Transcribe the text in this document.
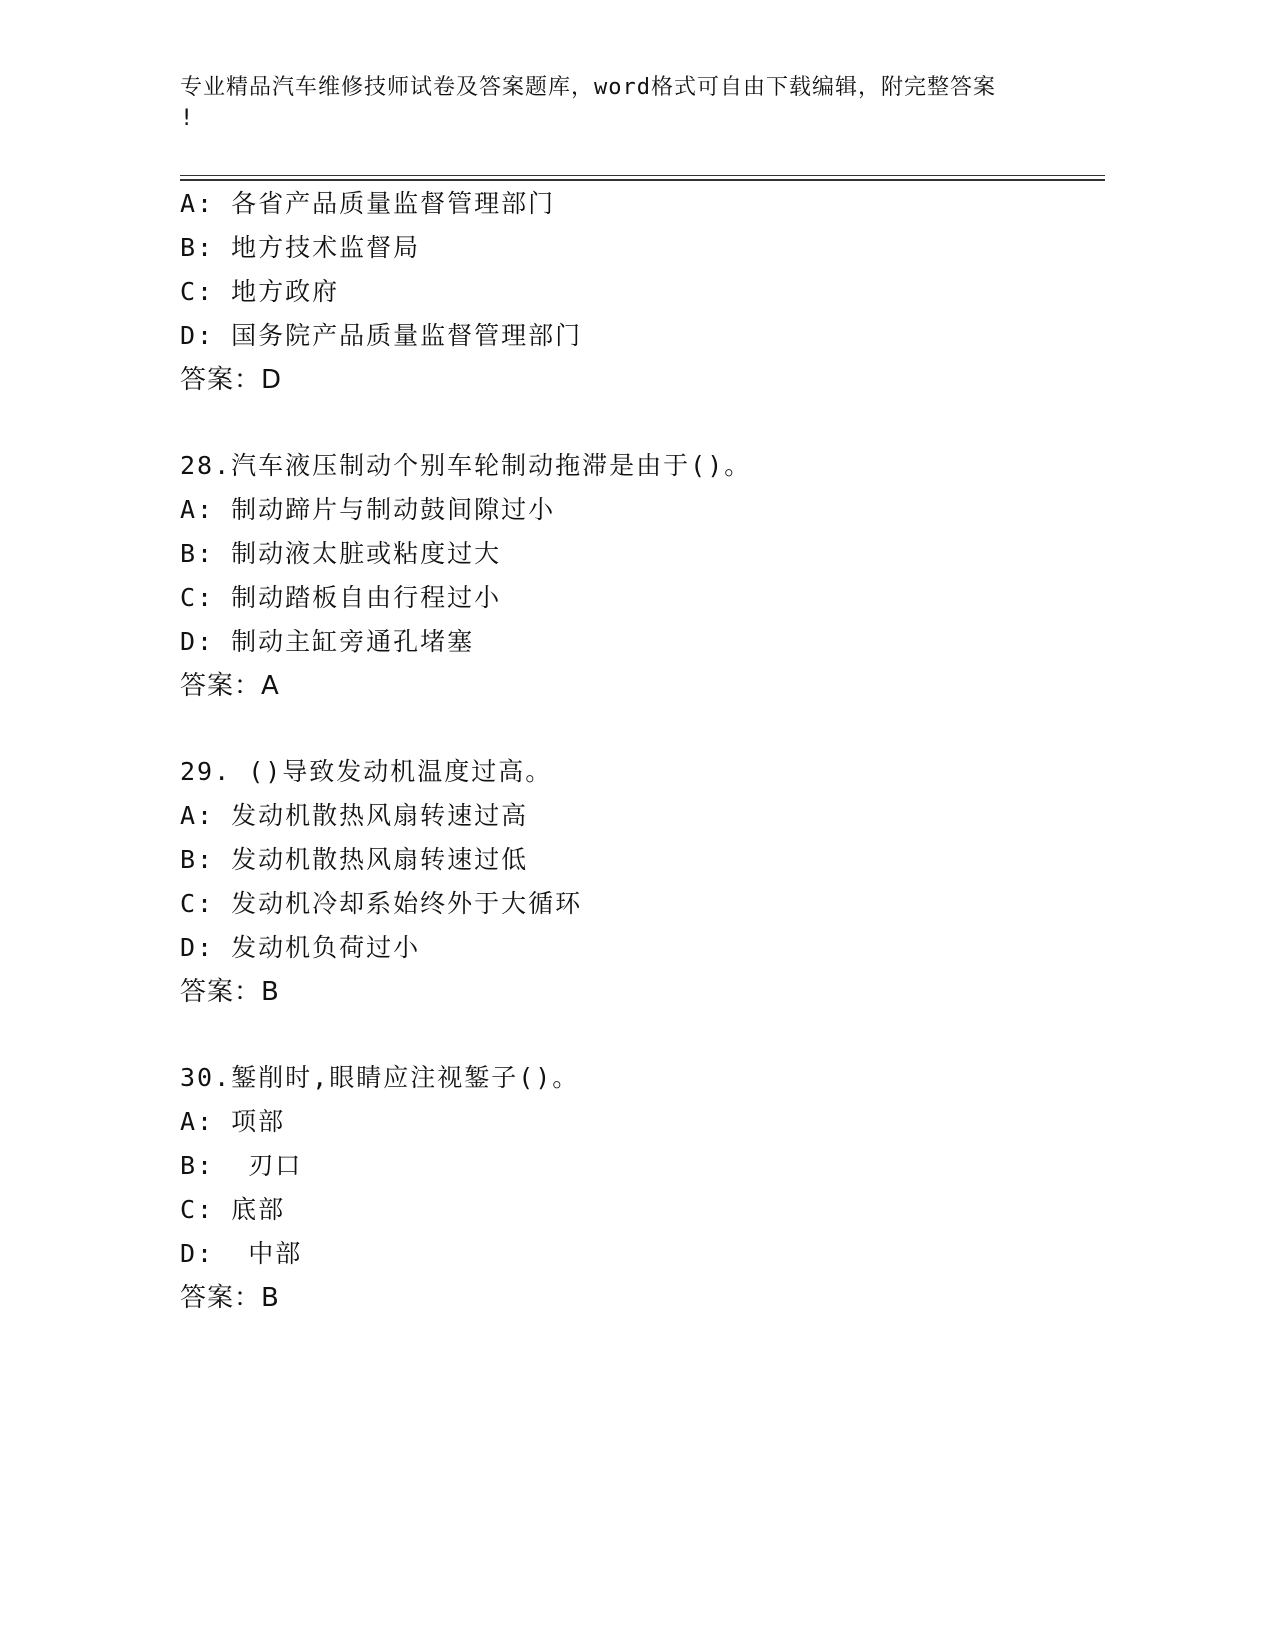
专业精品汽车维修技师试卷及答案题库，word格式可自由下载编辑，附完整答案
!
A: 各省产品质量监督管理部门
B: 地方技术监督局
C: 地方政府
D: 国务院产品质量监督管理部门
答案：D
28.汽车液压制动个别车轮制动拖滞是由于()。
A: 制动蹄片与制动鼓间隙过小
B: 制动液太脏或粘度过大
C: 制动踏板自由行程过小
D: 制动主缸旁通孔堵塞
答案：A
29. ()导致发动机温度过高。
A: 发动机散热风扇转速过高
B: 发动机散热风扇转速过低
C: 发动机冷却系始终外于大循环
D: 发动机负荷过小
答案：B
30.錾削时,眼睛应注视錾子()。
A: 项部
B:  刃口
C: 底部
D:  中部
答案：B
